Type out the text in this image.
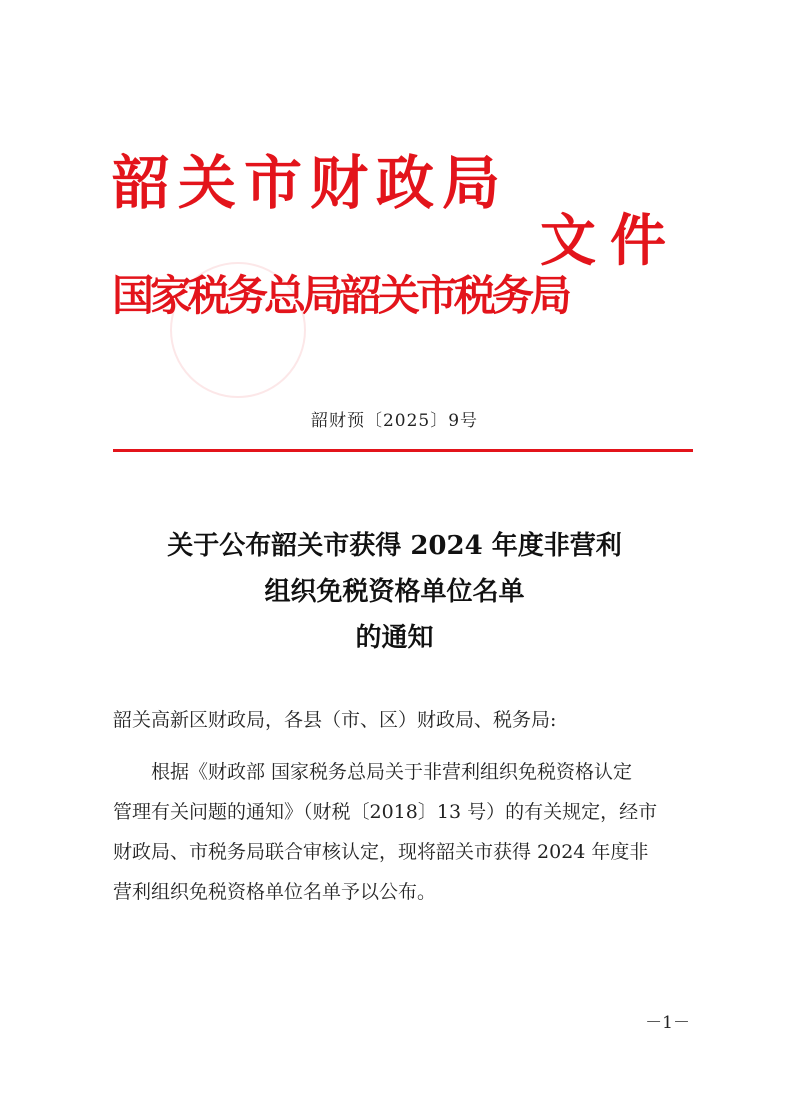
韶关市财政局
文件
国家税务总局韶关市税务局
韶财预〔2025〕9号
关于公布韶关市获得 2024 年度非营利
组织免税资格单位名单
的通知
韶关高新区财政局，各县（市、区）财政局、税务局:
根据《财政部 国家税务总局关于非营利组织免税资格认定
管理有关问题的通知》（财税〔2018〕13 号）的有关规定，经市
财政局、市税务局联合审核认定，现将韶关市获得 2024 年度非
营利组织免税资格单位名单予以公布。
－1－
